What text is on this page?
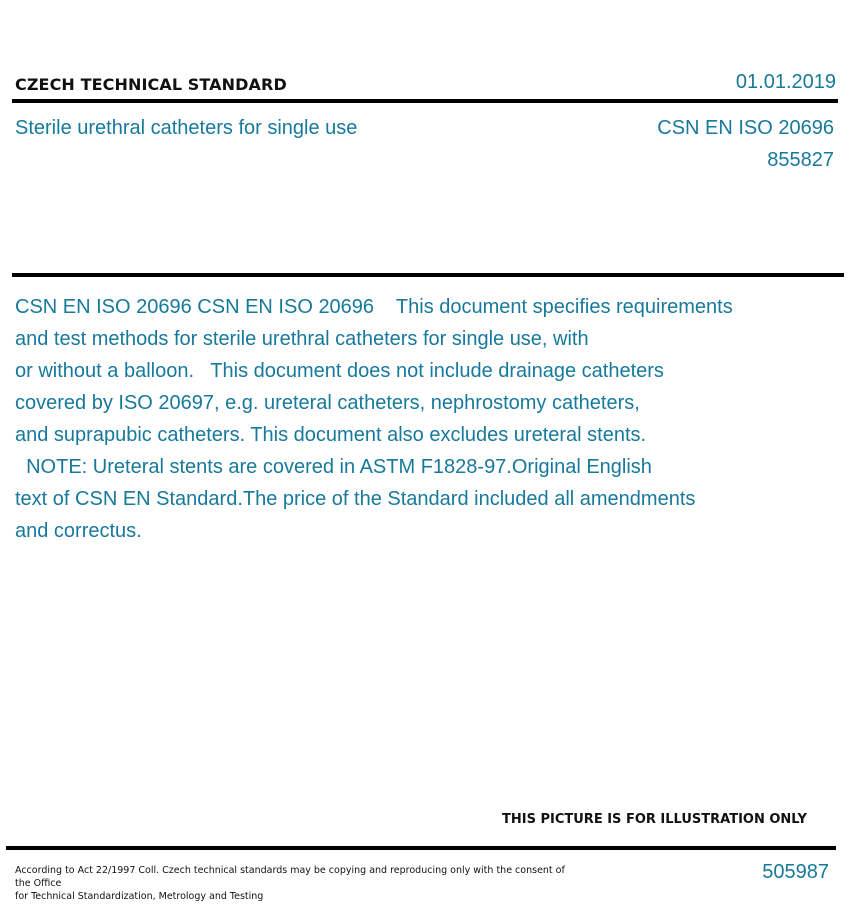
CZECH TECHNICAL STANDARD	01.01.2019
Sterile urethral catheters for single use	CSN EN ISO 20696
855827
CSN EN ISO 20696 CSN EN ISO 20696    This document specifies requirements
and test methods for sterile urethral catheters for single use, with
or without a balloon.   This document does not include drainage catheters
covered by ISO 20697, e.g. ureteral catheters, nephrostomy catheters,
and suprapubic catheters. This document also excludes ureteral stents.
NOTE: Ureteral stents are covered in ASTM F1828-97.Original English
text of CSN EN Standard.The price of the Standard included all amendments
and correctus.
THIS PICTURE IS FOR ILLUSTRATION ONLY
According to Act 22/1997 Coll. Czech technical standards may be copying and reproducing only with the consent of the Office
for Technical Standardization, Metrology and Testing
505987
